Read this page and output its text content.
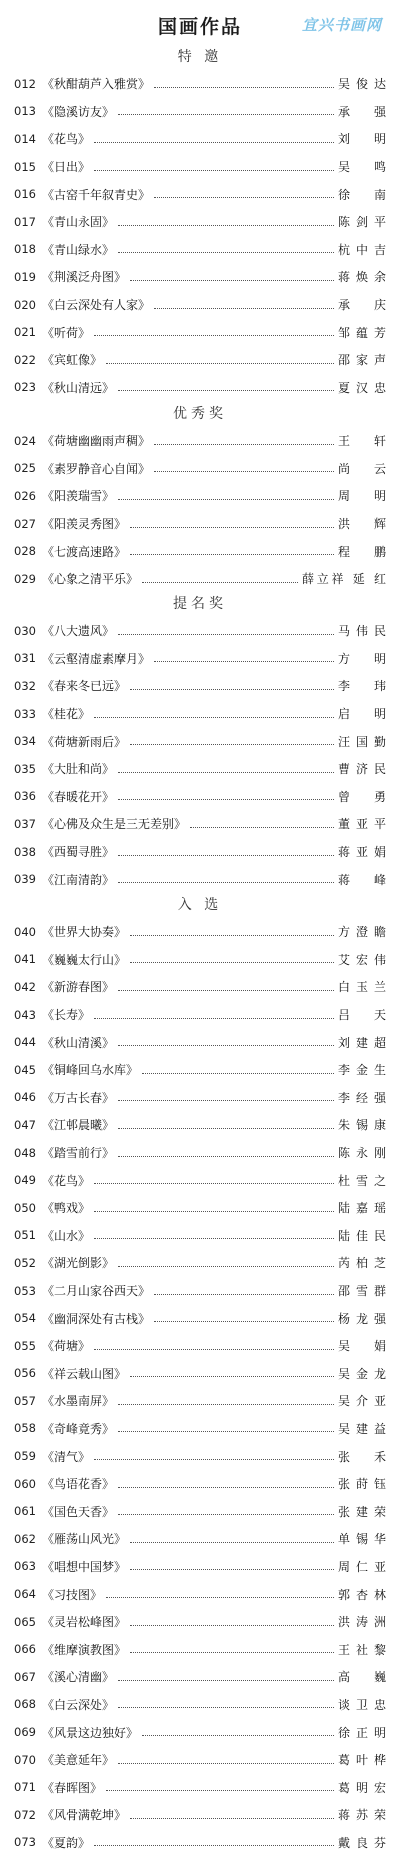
国画作品	宜兴书画网
特 邀
012 《秋酣葫芦入雅赏》	吴俊达
013 《隐溪访友》	承 强
014 《花鸟》	刘 明
015 《日出》	吴 鸣
016 《古窑千年叙青史》	徐 南
017 《青山永固》	陈剑平
018 《青山绿水》	杭中吉
019 《荆溪泛舟图》	蒋焕余
020 《白云深处有人家》	承 庆
021 《听荷》	邹蕴芳
022 《宾虹像》	邵家声
023 《秋山清远》	夏汉忠
优秀奖
024 《荷塘幽幽雨声稠》	王 轩
025 《素罗静音心自闻》	尚 云
026 《阳羡瑞雪》	周 明
027 《阳羡灵秀图》	洪 辉
028 《七渡高速路》	程 鹏
029 《心象之清平乐》	薛立祥 延 红
提名奖
030 《八大遗风》	马伟民
031 《云壑清虚素摩月》	方 明
032 《春来冬已远》	李 玮
033 《桂花》	启 明
034 《荷塘新雨后》	汪国勤
035 《大肚和尚》	曹济民
036 《春暖花开》	曾 勇
037 《心佛及众生是三无差别》	董亚平
038 《西蜀寻胜》	蒋亚娟
039 《江南清韵》	蒋 峰
入 选
040 《世界大协奏》	方澄瞻
041 《巍巍太行山》	艾宏伟
042 《新游春图》	白玉兰
043 《长寿》	吕 天
044 《秋山清溪》	刘建超
045 《铜峰回乌水库》	李金生
046 《万古长春》	李经强
047 《江邨晨曦》	朱锡康
048 《踏雪前行》	陈永刚
049 《花鸟》	杜雪之
050 《鸭戏》	陆嘉瑶
051 《山水》	陆佳民
052 《湖光倒影》	芮柏芝
053 《二月山家谷西天》	邵雪群
054 《幽洞深处有古栈》	杨龙强
055 《荷塘》	吴 娟
056 《祥云载山图》	吴金龙
057 《水墨南屏》	吴介亚
058 《奇峰竟秀》	吴建益
059 《清气》	张 禾
060 《鸟语花香》	张莳钰
061 《国色天香》	张建荣
062 《雁荡山风光》	单锡华
063 《唱想中国梦》	周仁亚
064 《习技图》	郭杏林
065 《灵岩松峰图》	洪涛洲
066 《维摩演教图》	王社黎
067 《溪心清幽》	高 巍
068 《白云深处》	谈卫忠
069 《风景这边独好》	徐正明
070 《美意延年》	葛叶桦
071 《春晖图》	葛明宏
072 《风骨满乾坤》	蒋苏荣
073 《夏韵》	戴良芬
